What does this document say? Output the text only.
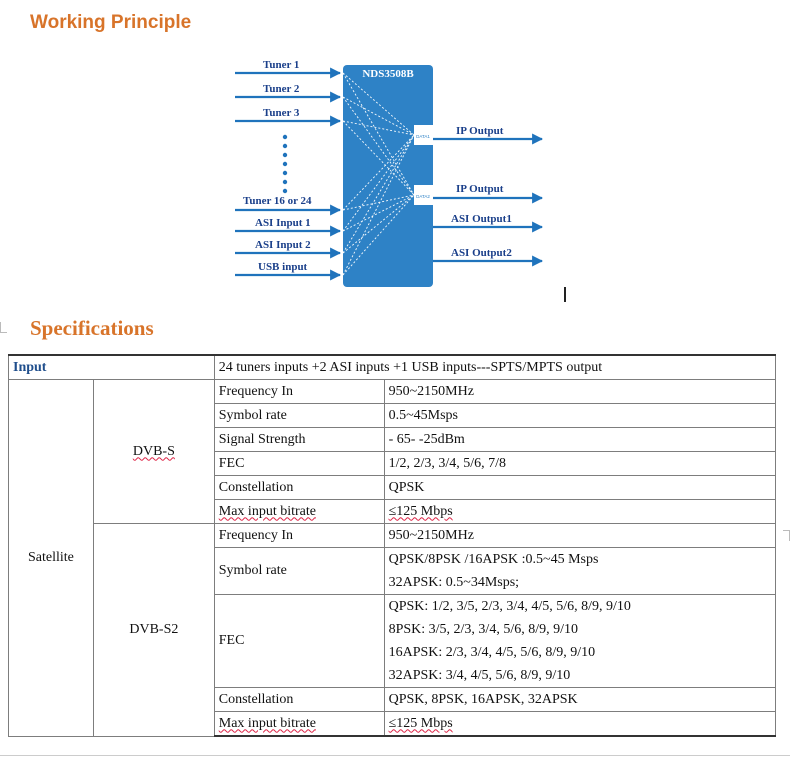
Working Principle
NDS3508B
DATA1
DATA2
Tuner 1
Tuner 2
Tuner 3
Tuner 16 or 24
ASI Input 1
ASI Input 2
USB input
IP Output
IP Output
ASI Output1
ASI Output2
Specifications
Input		24 tuners inputs +2 ASI inputs +1 USB inputs---SPTS/MPTS output	
Satellite	DVB-S	Frequency In	950~2150MHz
		Symbol rate	0.5~45Msps
		Signal Strength	- 65- -25dBm
		FEC	1/2, 2/3, 3/4, 5/6, 7/8
		Constellation	QPSK
		Max input bitrate	≤125 Mbps
	DVB-S2	Frequency In	950~2150MHz
		Symbol rate	QPSK/8PSK /16APSK :0.5~45 Msps
32APSK: 0.5~34Msps;

		FEC	QPSK: 1/2, 3/5, 2/3, 3/4, 4/5, 5/6, 8/9, 9/10
8PSK: 3/5, 2/3, 3/4, 5/6, 8/9, 9/10
16APSK: 2/3, 3/4, 4/5, 5/6, 8/9, 9/10
32APSK: 3/4, 4/5, 5/6, 8/9, 9/10

		Constellation	QPSK, 8PSK, 16APSK, 32APSK
		Max input bitrate	≤125 Mbps
